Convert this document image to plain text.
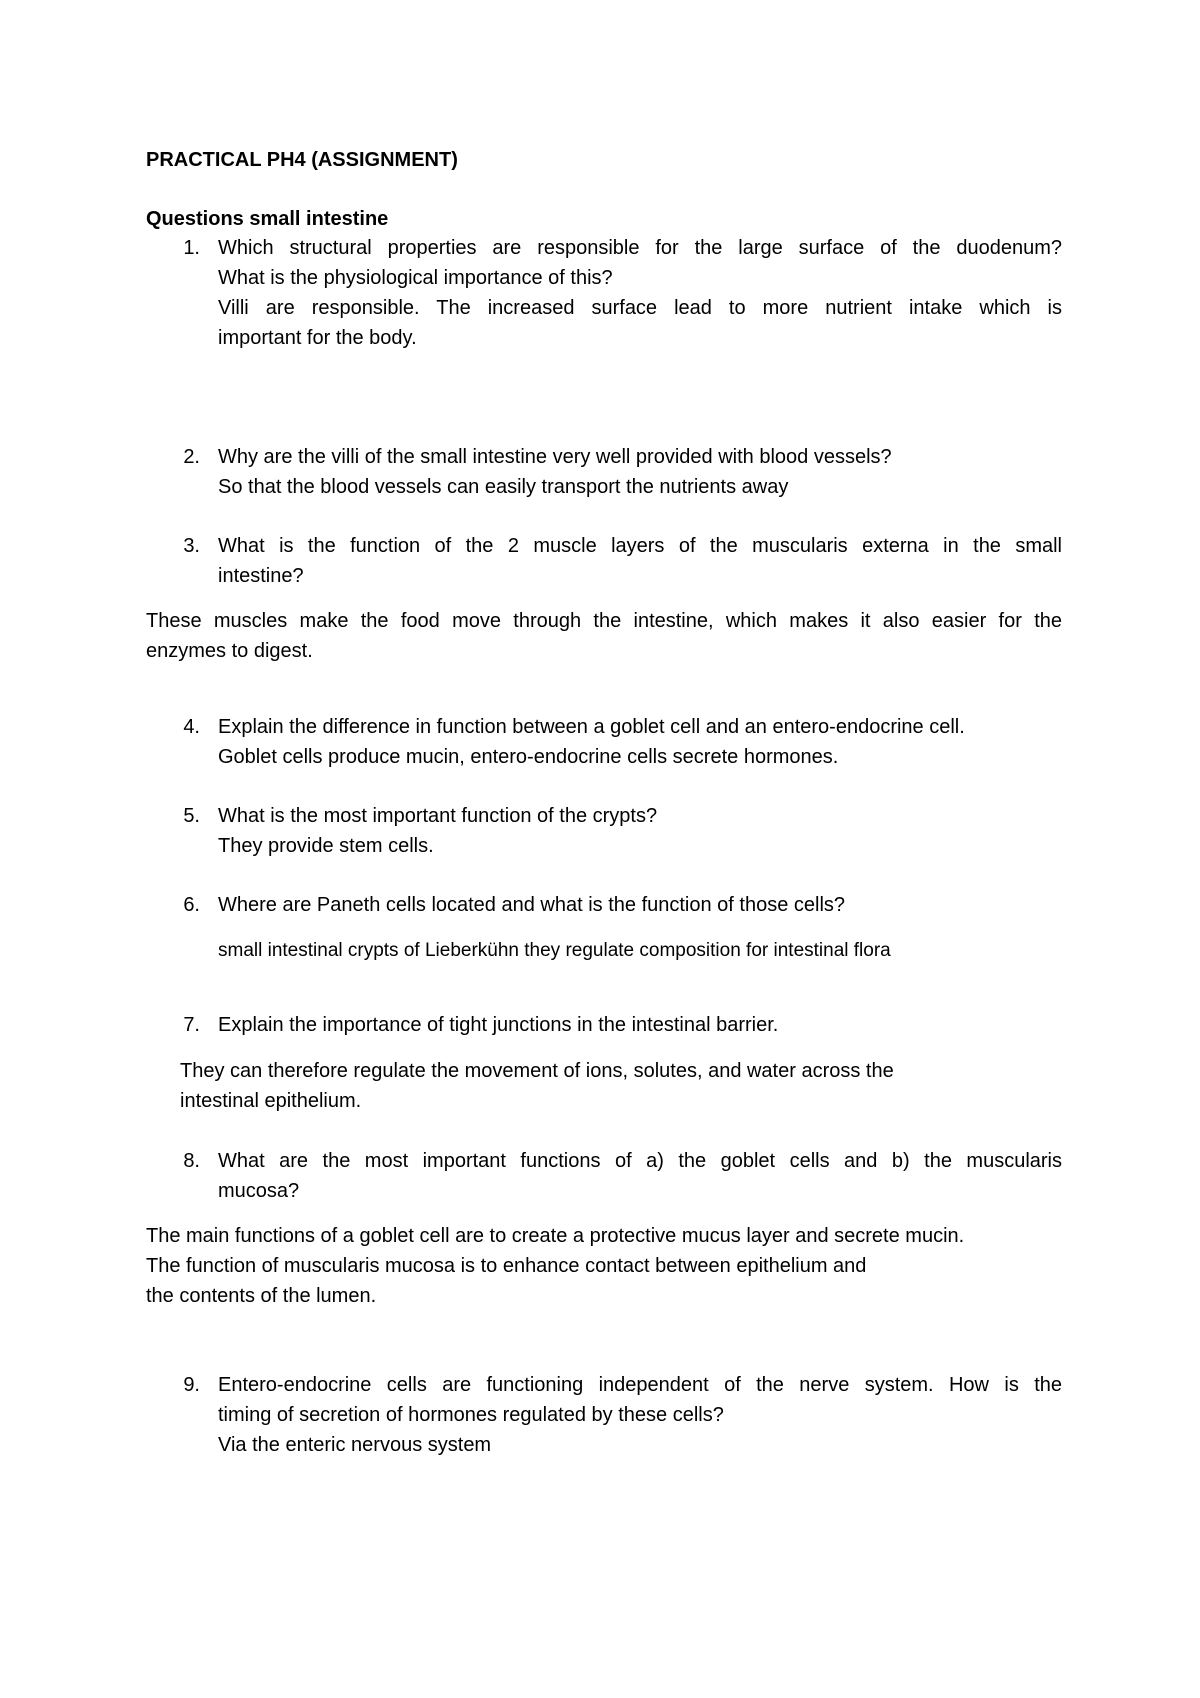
PRACTICAL PH4 (ASSIGNMENT)
Questions small intestine
1. Which structural properties are responsible for the large surface of the duodenum?
What is the physiological importance of this?
Villi are responsible. The increased surface lead to more nutrient intake which is
important for the body.
2. Why are the villi of the small intestine very well provided with blood vessels?
So that the blood vessels can easily transport the nutrients away
3. What is the function of the 2 muscle layers of the muscularis externa in the small
intestine?
These muscles make the food move through the intestine, which makes it also easier for the
enzymes to digest.
4. Explain the difference in function between a goblet cell and an entero-endocrine cell.
Goblet cells produce mucin, entero-endocrine cells secrete hormones.
5. What is the most important function of the crypts?
They provide stem cells.
6. Where are Paneth cells located and what is the function of those cells?
small intestinal crypts of Lieberkühn they regulate composition for intestinal flora
7. Explain the importance of tight junctions in the intestinal barrier.
They can therefore regulate the movement of ions, solutes, and water across the
intestinal epithelium.
8. What are the most important functions of a) the goblet cells and b) the muscularis
mucosa?
The main functions of a goblet cell are to create a protective mucus layer and secrete mucin.
The function of muscularis mucosa is to enhance contact between epithelium and
the contents of the lumen.
9. Entero-endocrine cells are functioning independent of the nerve system. How is the
timing of secretion of hormones regulated by these cells?
Via the enteric nervous system
